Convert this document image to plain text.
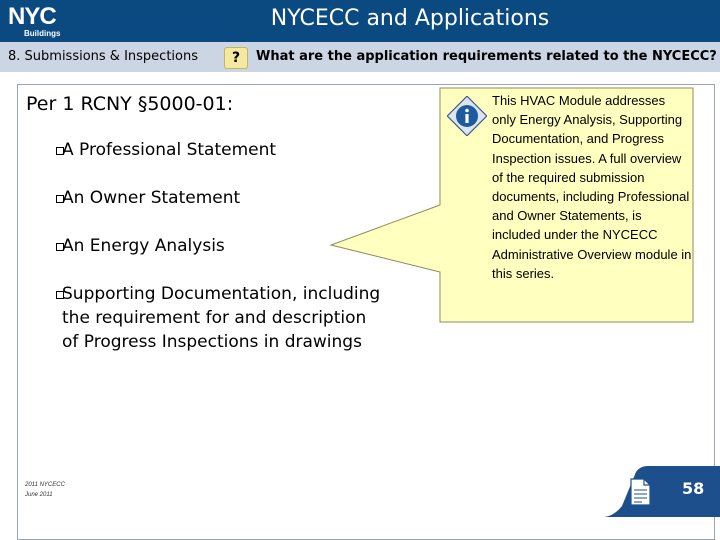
NYC
Buildings
NYCECC and Applications
8. Submissions & Inspections	?	What are the application requirements related to the NYCECC?
Per 1 RCNY §5000-01:
A Professional Statement
An Owner Statement
An Energy Analysis
Supporting Documentation, including the requirement for and description of Progress Inspections in drawings
This HVAC Module addresses only Energy Analysis, Supporting Documentation, and Progress Inspection issues. A full overview of the required submission documents, including Professional and Owner Statements, is included under the NYCECC Administrative Overview module in this series.
2011 NYCECC
June 2011	58
